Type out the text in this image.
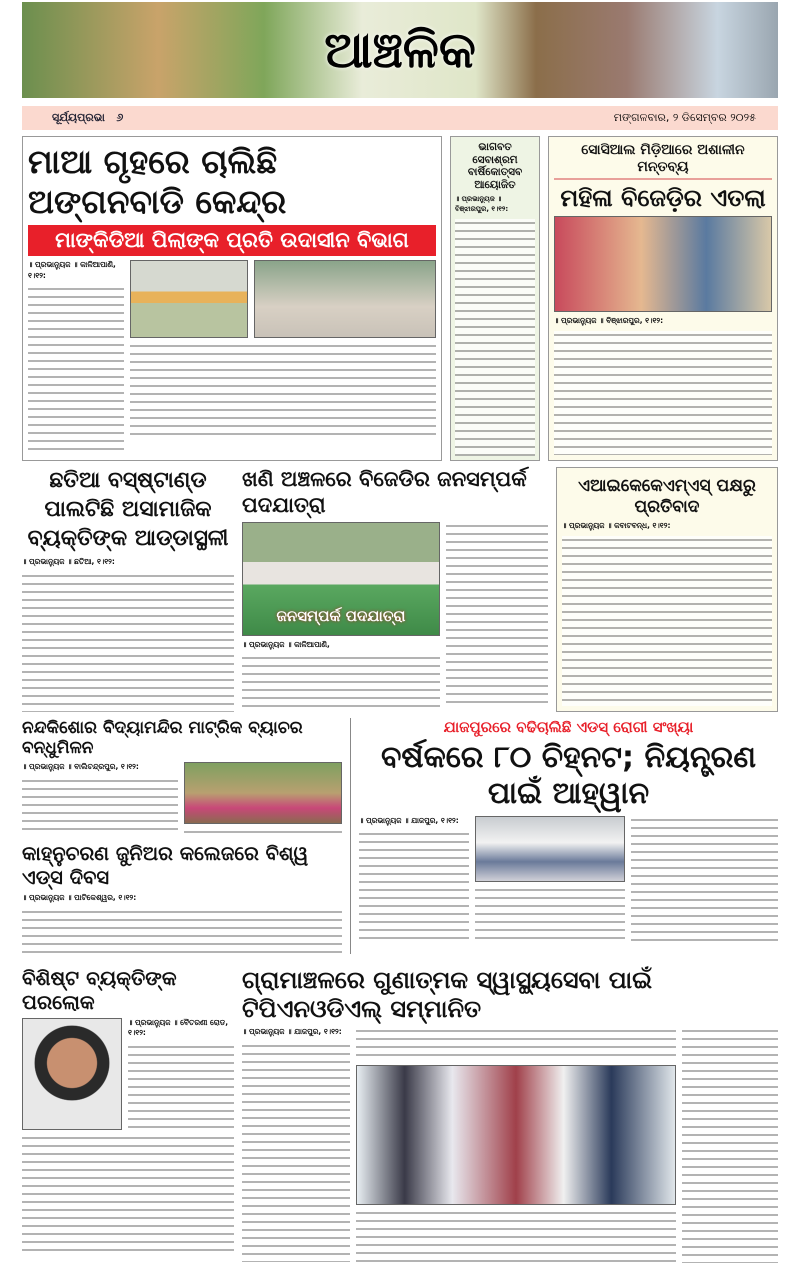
ଆଞ୍ଚଳିକ
ସୂର୍ଯ୍ୟପ୍ରଭା ୬	ମଙ୍ଗଳବାର, ୨ ଡିସେମ୍ବର ୨୦୨୫
ମାଆ ଗୃହରେ ଚାଲିଛି ଅଙ୍ଗନବାଡି କେନ୍ଦ୍ର
ମାଙ୍କିଡିଆ ପିଲାଙ୍କ ପ୍ରତି ଉଦାସୀନ ବିଭାଗ
॥ ପ୍ରଭାନ୍ୟୁଜ ॥ କାଳିଆପାଣି, ୧।୧୨:
ଭାଗବତ ସେବାଶ୍ରମ ବାର୍ଷିକୋତ୍ସବ ଆୟୋଜିତ
॥ ପ୍ରଭାନ୍ୟୁଜ ॥ ବିଞ୍ଝାରପୁର, ୧।୧୨:
ସୋସିଆଲ ମିଡ଼ିଆରେ ଅଶାଳୀନ ମନ୍ତବ୍ୟ
ମହିଳା ବିଜେଡ଼ିର ଏତଲା
॥ ପ୍ରଭାନ୍ୟୁଜ ॥ ବିଞ୍ଝାରପୁର, ୧।୧୨:
ଛତିଆ ବସ୍‌ଷ୍ଟାଣ୍ଡ ପାଲଟିଛି ଅସାମାଜିକ ବ୍ୟକ୍ତିଙ୍କ ଆଡ୍ଡାସ୍ଥଳୀ
॥ ପ୍ରଭାନ୍ୟୁଜ ॥ ଛତିଆ, ୧।୧୨:
ଖଣି ଅଞ୍ଚଳରେ ବିଜେଡିର ଜନସମ୍ପର୍କ ପଦଯାତ୍ରା
ଜନସମ୍ପର୍କ ପଦଯାତ୍ରା
॥ ପ୍ରଭାନ୍ୟୁଜ ॥ କାଳିଆପାଣି,
ଏଆଇକେକେଏମ୍‌ଏସ୍ ପକ୍ଷରୁ ପ୍ରତିବାଦ
॥ ପ୍ରଭାନ୍ୟୁଜ ॥ କବାଟବନ୍ଧ, ୧।୧୨:
ନନ୍ଦକିଶୋର ବିଦ୍ୟାମନ୍ଦିର ମାଟ୍ରିକ ବ୍ୟାଚର ବନ୍ଧୁମିଳନ
॥ ପ୍ରଭାନ୍ୟୁଜ ॥ ବାଲିଚନ୍ଦ୍ରପୁର, ୧।୧୨:
କାହ୍ନୁଚରଣ ଜୁନିଅର କଲେଜରେ ବିଶ୍ୱ ଏଡ୍‌ସ ଦିବସ
॥ ପ୍ରଭାନ୍ୟୁଜ ॥ ପାଟିକେଶ୍ୱର, ୧।୧୨:
ଯାଜପୁରରେ ବଢିଚାଲିଛି ଏଡସ୍ ରୋଗୀ ସଂଖ୍ୟା
ବର୍ଷକରେ ୮୦ ଚିହ୍ନଟ; ନିୟନ୍ତ୍ରଣ ପାଇଁ ଆହ୍ୱାନ
॥ ପ୍ରଭାନ୍ୟୁଜ ॥ ଯାଜପୁର, ୧।୧୨:
ବିଶିଷ୍ଟ ବ୍ୟକ୍ତିଙ୍କ ପରଲୋକ
॥ ପ୍ରଭାନ୍ୟୁଜ ॥ ବୈତରଣୀ ରୋଡ, ୧।୧୨:
ଗ୍ରାମାଞ୍ଚଳରେ ଗୁଣାତ୍ମକ ସ୍ୱାସ୍ଥ୍ୟସେବା ପାଇଁ ଟିପିଏନଓଡିଏଲ୍ ସମ୍ମାନିତ
॥ ପ୍ରଭାନ୍ୟୁଜ ॥ ଯାଜପୁର, ୧।୧୨:
